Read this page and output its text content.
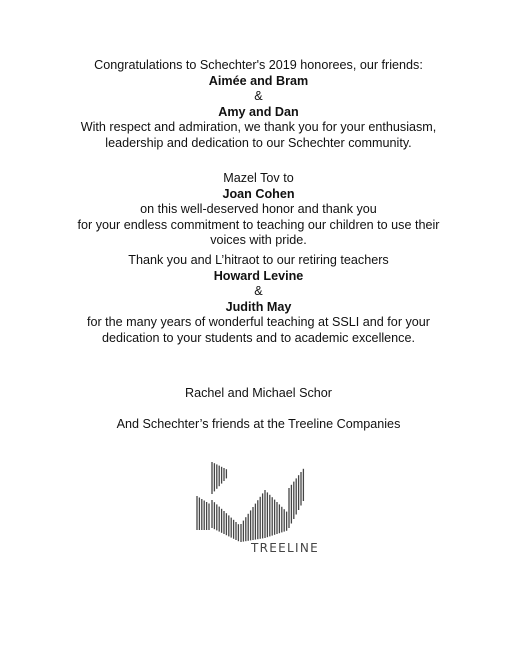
Congratulations to Schechter's 2019 honorees, our friends:
Aimée and Bram
&
Amy and Dan
With respect and admiration, we thank you for your enthusiasm,
leadership and dedication to our Schechter community.
Mazel Tov to
Joan Cohen
on this well-deserved honor and thank you
for your endless commitment to teaching our children to use their
voices with pride.
Thank you and L’hitraot to our retiring teachers
Howard Levine
&
Judith May
for the many years of wonderful teaching at SSLI and for your
dedication to your students and to academic excellence.
Rachel and Michael Schor
And Schechter’s friends at the Treeline Companies
TREELINE
